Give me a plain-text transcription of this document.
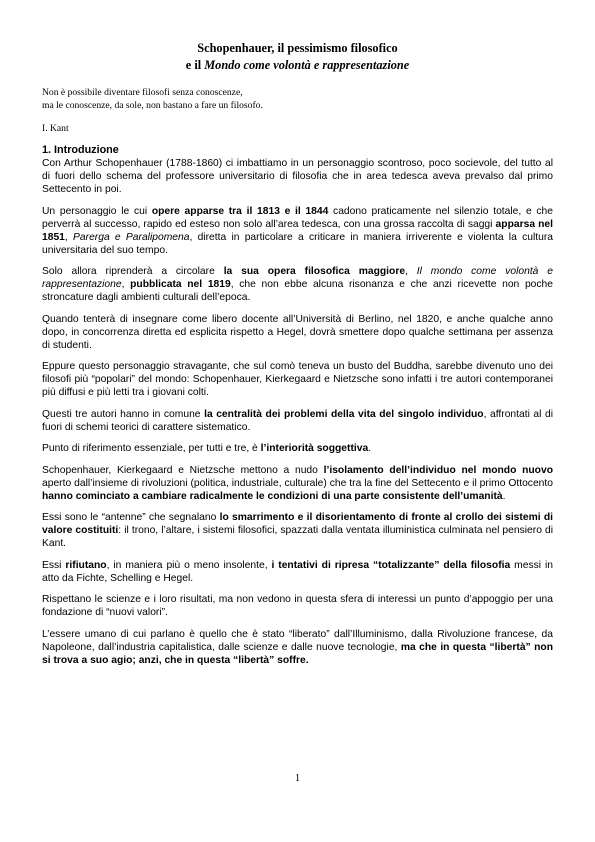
Schopenhauer, il pessimismo filosofico
e il Mondo come volontà e rappresentazione

Non è possibile diventare filosofi senza conoscenze,
ma le conoscenze, da sole, non bastano a fare un filosofo.

I. Kant

1. Introduzione

Con Arthur Schopenhauer (1788-1860) ci imbattiamo in un personaggio scontroso, poco socievole, del tutto al di fuori dello schema del professore universitario di filosofia che in area tedesca aveva prevalso dal primo Settecento in poi.

Un personaggio le cui opere apparse tra il 1813 e il 1844 cadono praticamente nel silenzio totale, e che perverrà al successo, rapido ed esteso non solo all’area tedesca, con una grossa raccolta di saggi apparsa nel 1851, Parerga e Paralipomena, diretta in particolare a criticare in maniera irriverente e violenta la cultura universitaria del suo tempo.

Solo allora riprenderà a circolare la sua opera filosofica maggiore, Il mondo come volontà e rappresentazione, pubblicata nel 1819, che non ebbe alcuna risonanza e che anzi ricevette non poche stroncature dagli ambienti culturali dell’epoca.

Quando tenterà di insegnare come libero docente all’Università di Berlino, nel 1820, e anche qualche anno dopo, in concorrenza diretta ed esplicita rispetto a Hegel, dovrà smettere dopo qualche settimana per assenza di studenti.

Eppure questo personaggio stravagante, che sul comò teneva un busto del Buddha, sarebbe divenuto uno dei filosofi più “popolari” del mondo: Schopenhauer, Kierkegaard e Nietzsche sono infatti i tre autori contemporanei più diffusi e più letti tra i giovani colti.

Questi tre autori hanno in comune la centralità dei problemi della vita del singolo individuo, affrontati al di fuori di schemi teorici di carattere sistematico.

Punto di riferimento essenziale, per tutti e tre, è l’interiorità soggettiva.

Schopenhauer, Kierkegaard e Nietzsche mettono a nudo l’isolamento dell’individuo nel mondo nuovo aperto dall’insieme di rivoluzioni (politica, industriale, culturale) che tra la fine del Settecento e il primo Ottocento hanno cominciato a cambiare radicalmente le condizioni di una parte consistente dell’umanità.

Essi sono le “antenne” che segnalano lo smarrimento e il disorientamento di fronte al crollo dei sistemi di valore costituiti: il trono, l’altare, i sistemi filosofici, spazzati dalla ventata illuministica culminata nel pensiero di Kant.

Essi rifiutano, in maniera più o meno insolente, i tentativi di ripresa “totalizzante” della filosofia messi in atto da Fichte, Schelling e Hegel.

Rispettano le scienze e i loro risultati, ma non vedono in questa sfera di interessi un punto d’appoggio per una fondazione di “nuovi valori”.

L’essere umano di cui parlano è quello che è stato “liberato” dall’Illuminismo, dalla Rivoluzione francese, da Napoleone, dall’industria capitalistica, dalle scienze e dalle nuove tecnologie, ma che in questa “libertà” non si trova a suo agio; anzi, che in questa “libertà” soffre.

1
